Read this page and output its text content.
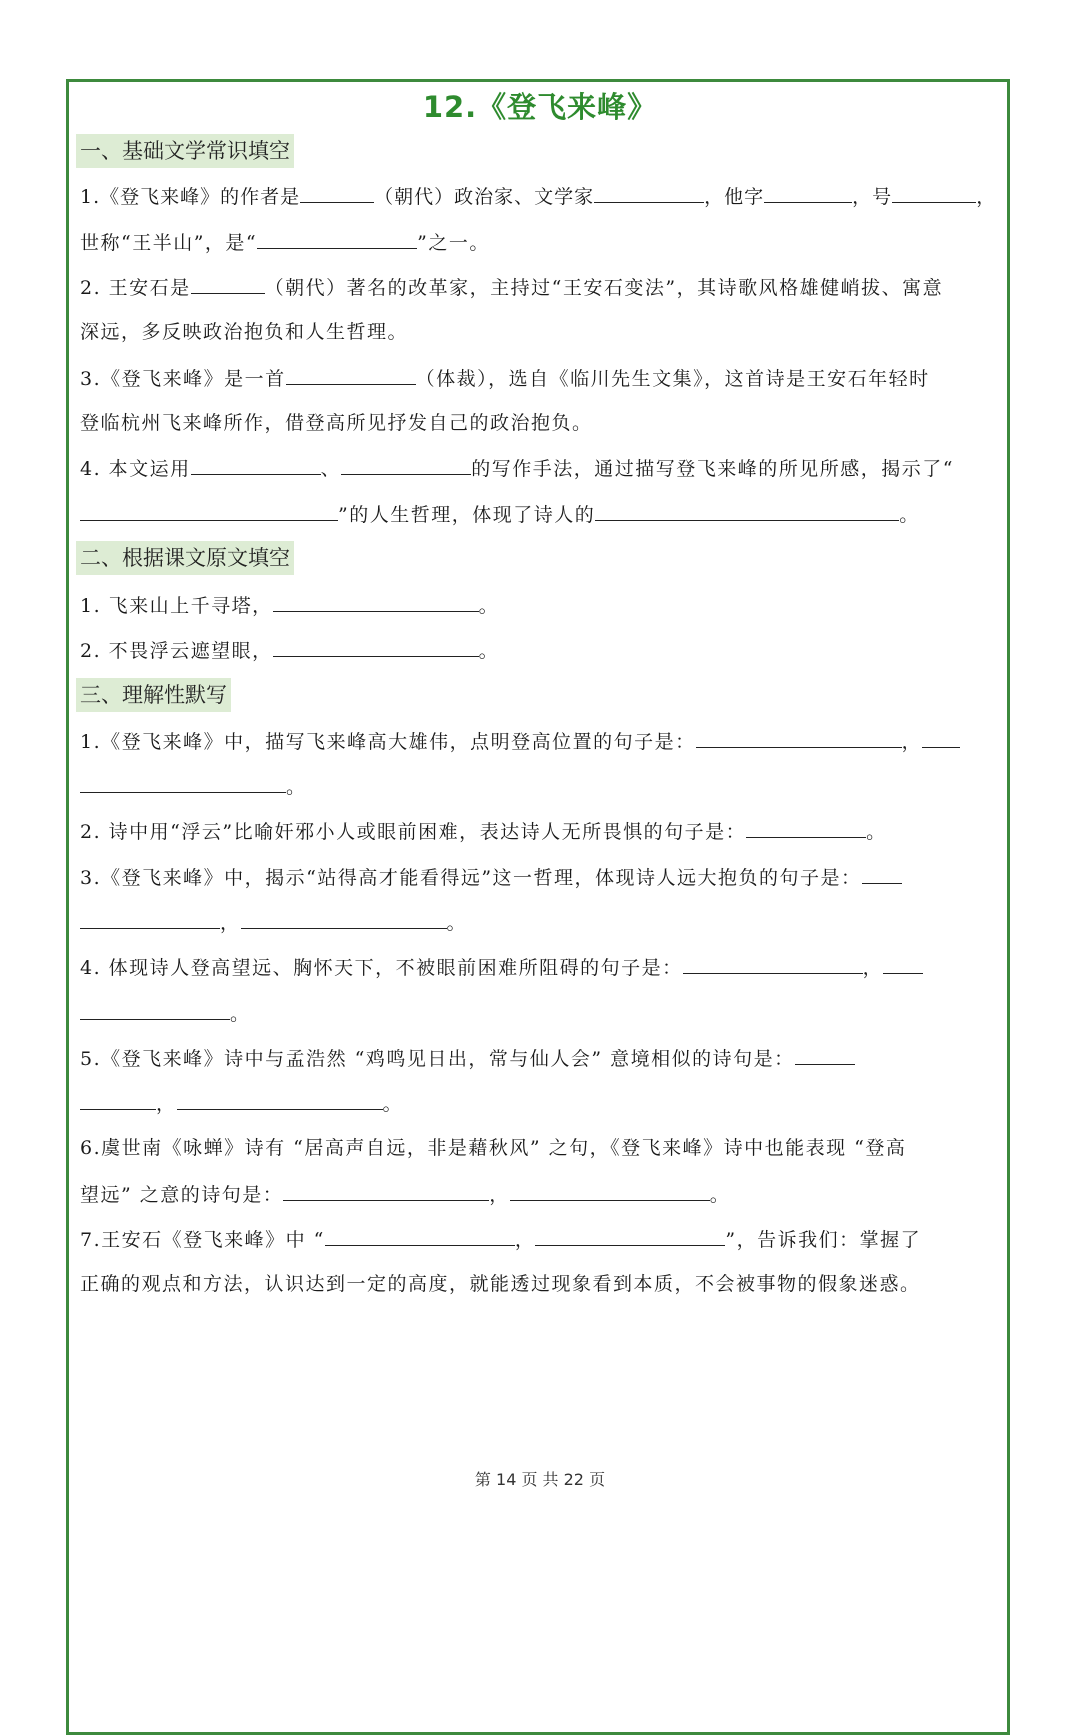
12.《登飞来峰》
一、基础文学常识填空
1.《登飞来峰》的作者是	（朝代）政治家、文学家	，他字	，号	，
世称“王半山”，是“	”之一。
2. 王安石是	（朝代）著名的改革家，主持过“王安石变法”，其诗歌风格雄健峭拔、寓意
深远，多反映政治抱负和人生哲理。
3.《登飞来峰》是一首	（体裁），选自《临川先生文集》，这首诗是王安石年轻时
登临杭州飞来峰所作，借登高所见抒发自己的政治抱负。
4. 本文运用	、	的写作手法，通过描写登飞来峰的所见所感，揭示了“
”的人生哲理，体现了诗人的	。
二、根据课文原文填空
1. 飞来山上千寻塔，	。
2. 不畏浮云遮望眼，	。
三、理解性默写
1.《登飞来峰》中，描写飞来峰高大雄伟，点明登高位置的句子是：	，
。
2. 诗中用“浮云”比喻奸邪小人或眼前困难，表达诗人无所畏惧的句子是：	。
3.《登飞来峰》中，揭示“站得高才能看得远”这一哲理，体现诗人远大抱负的句子是：
，	。
4. 体现诗人登高望远、胸怀天下，不被眼前困难所阻碍的句子是：	，
。
5.《登飞来峰》诗中与孟浩然 “鸡鸣见日出，常与仙人会” 意境相似的诗句是：
，	。
6.虞世南《咏蝉》诗有 “居高声自远，非是藉秋风” 之句，《登飞来峰》诗中也能表现 “登高
望远” 之意的诗句是：	，	。
7.王安石《登飞来峰》中 “	，	”，告诉我们：掌握了
正确的观点和方法，认识达到一定的高度，就能透过现象看到本质，不会被事物的假象迷惑。
第 14 页 共 22 页
